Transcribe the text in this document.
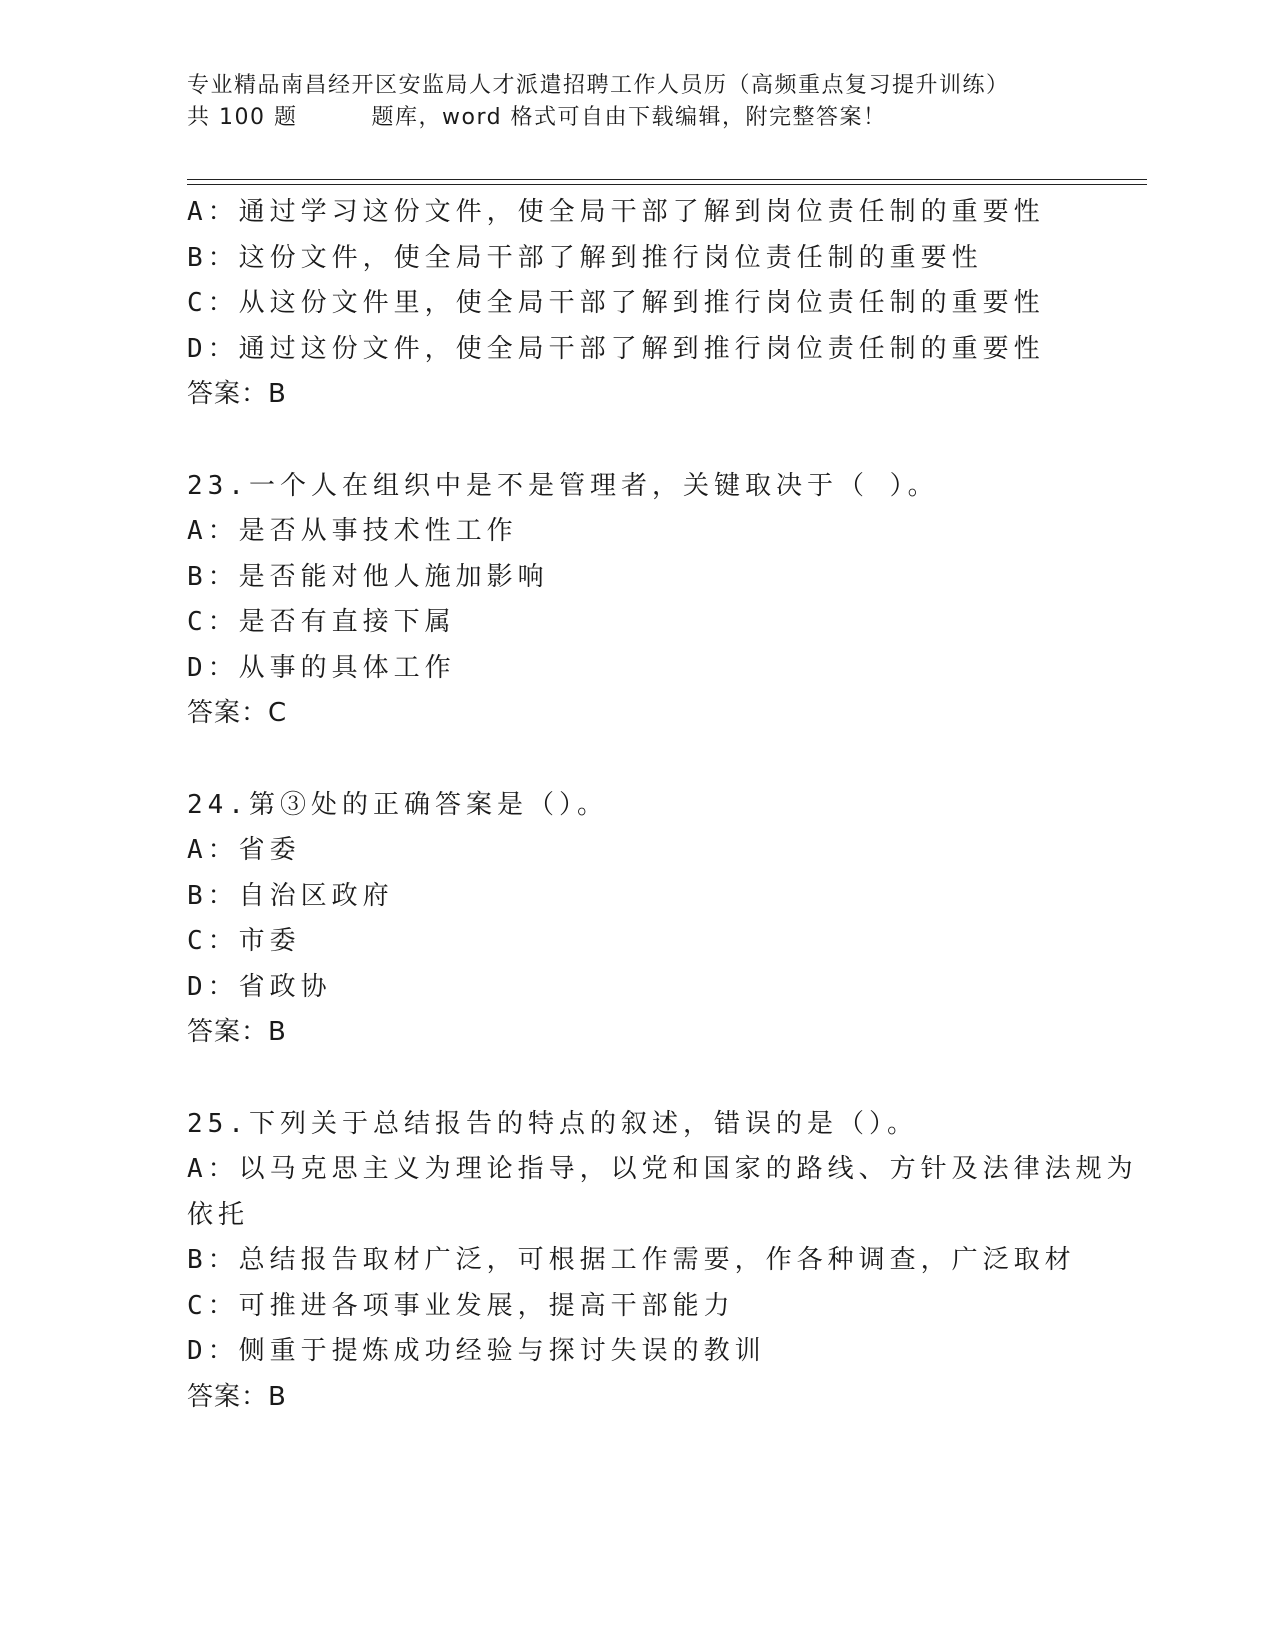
专业精品南昌经开区安监局人才派遣招聘工作人员历（高频重点复习提升训练）
共 100 题	题库，word 格式可自由下载编辑，附完整答案！
A：通过学习这份文件，使全局干部了解到岗位责任制的重要性
B：这份文件，使全局干部了解到推行岗位责任制的重要性
C：从这份文件里，使全局干部了解到推行岗位责任制的重要性
D：通过这份文件，使全局干部了解到推行岗位责任制的重要性
答案：B
23.一个人在组织中是不是管理者，关键取决于（ ）。
A：是否从事技术性工作
B：是否能对他人施加影响
C：是否有直接下属
D：从事的具体工作
答案：C
24.第③处的正确答案是（）。
A：省委
B：自治区政府
C：市委
D：省政协
答案：B
25.下列关于总结报告的特点的叙述，错误的是（）。
A：以马克思主义为理论指导，以党和国家的路线、方针及法律法规为
依托
B：总结报告取材广泛，可根据工作需要，作各种调查，广泛取材
C：可推进各项事业发展，提高干部能力
D：侧重于提炼成功经验与探讨失误的教训
答案：B
